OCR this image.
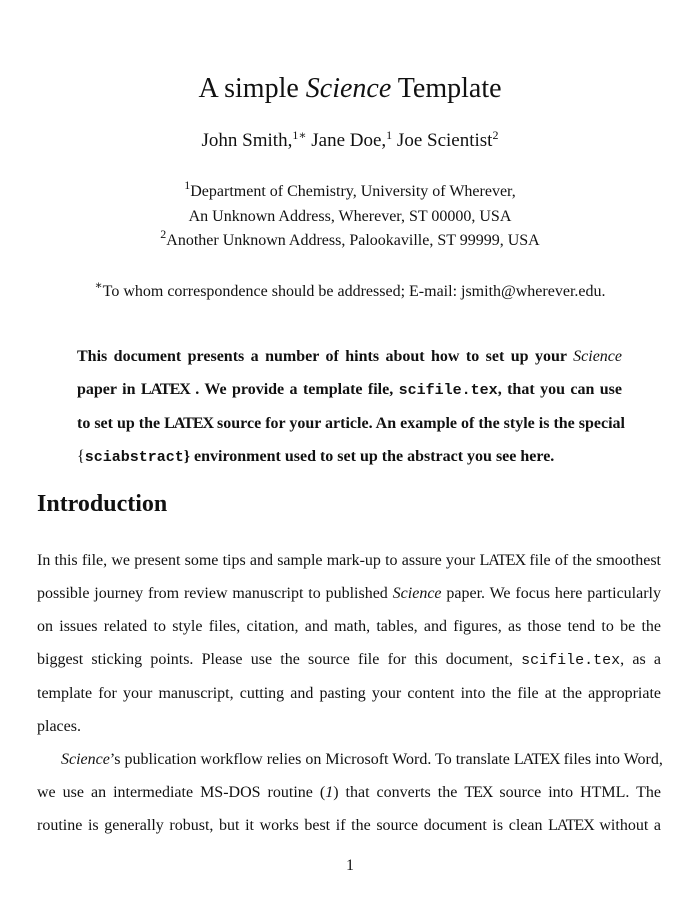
A simple Science Template
John Smith,$^{1∗}$ Jane Doe,$^1$ Joe Scientist$^2$
$^1$Department of Chemistry, University of Wherever,
An Unknown Address, Wherever, ST 00000, USA
$^2$Another Unknown Address, Palookaville, ST 99999, USA
∗To whom correspondence should be addressed; E-mail: jsmith@wherever.edu.
This document presents a number of hints about how to set up your Science
paper in LATEX . We provide a template file, scifile.tex, that you can use
to set up the LATEX source for your article. An example of the style is the special
{sciabstract} environment used to set up the abstract you see here.
Introduction

In this file, we present some tips and sample mark-up to assure your LATEX file of the smoothest
possible journey from review manuscript to published Science paper. We focus here particularly
on issues related to style files, citation, and math, tables, and figures, as those tend to be the
biggest sticking points. Please use the source file for this document, scifile.tex, as a
template for your manuscript, cutting and pasting your content into the file at the appropriate
places.

Science’s publication workflow relies on Microsoft Word. To translate LATEX files into Word,
we use an intermediate MS-DOS routine (1) that converts the TEX source into HTML. The
routine is generally robust, but it works best if the source document is clean LATEX without a

1
